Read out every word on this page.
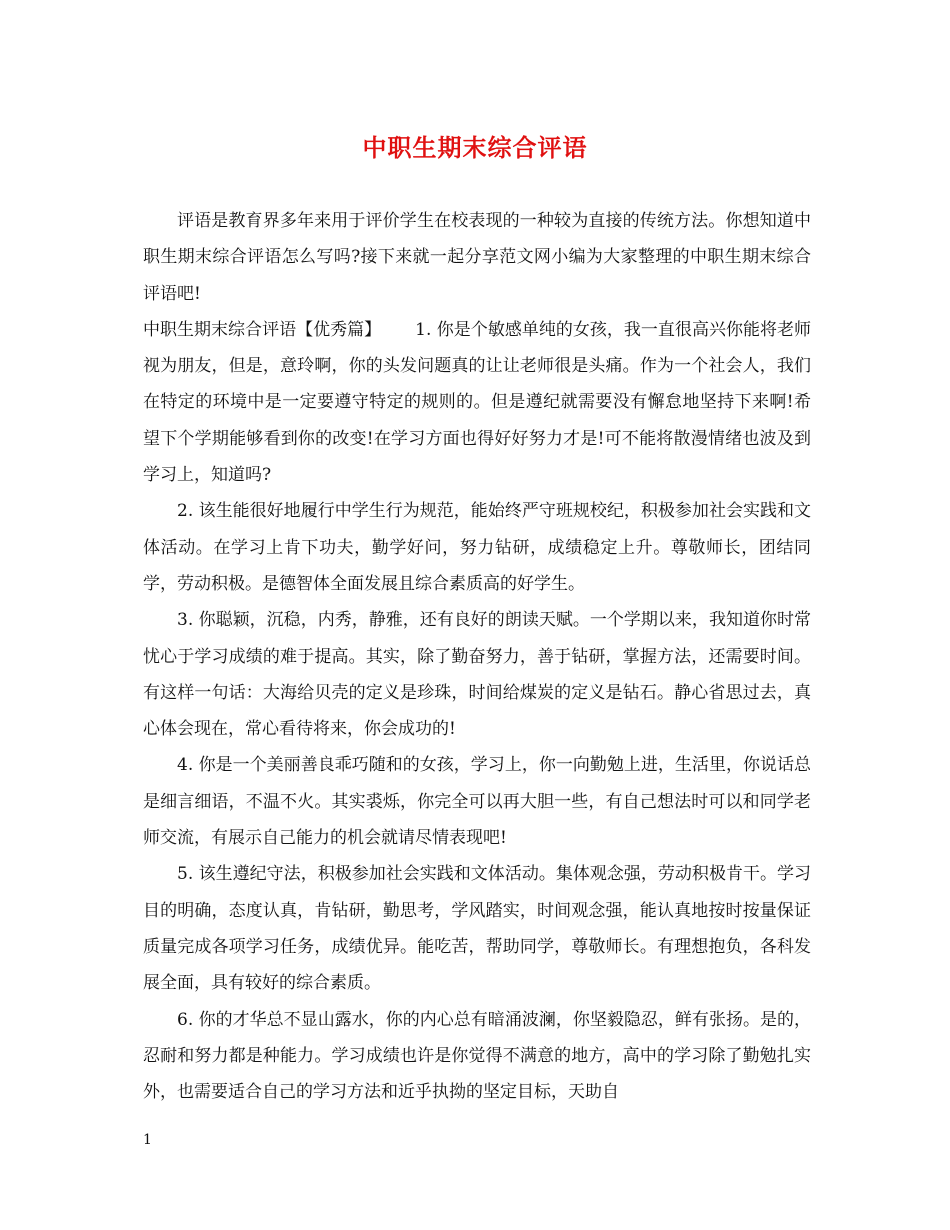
中职生期末综合评语

评语是教育界多年来用于评价学生在校表现的一种较为直接的传统方法。你想知道中职生期末综合评语怎么写吗?接下来就一起分享范文网小编为大家整理的中职生期末综合评语吧!

中职生期末综合评语【优秀篇】 1. 你是个敏感单纯的女孩，我一直很高兴你能将老师视为朋友，但是，意玲啊，你的头发问题真的让让老师很是头痛。作为一个社会人，我们在特定的环境中是一定要遵守特定的规则的。但是遵纪就需要没有懈怠地坚持下来啊!希望下个学期能够看到你的改变!在学习方面也得好好努力才是!可不能将散漫情绪也波及到学习上，知道吗?

2. 该生能很好地履行中学生行为规范，能始终严守班规校纪，积极参加社会实践和文体活动。在学习上肯下功夫，勤学好问，努力钻研，成绩稳定上升。尊敬师长，团结同学，劳动积极。是德智体全面发展且综合素质高的好学生。

3. 你聪颖，沉稳，内秀，静雅，还有良好的朗读天赋。一个学期以来，我知道你时常忧心于学习成绩的难于提高。其实，除了勤奋努力，善于钻研，掌握方法，还需要时间。有这样一句话：大海给贝壳的定义是珍珠，时间给煤炭的定义是钻石。静心省思过去，真心体会现在，常心看待将来，你会成功的!

4. 你是一个美丽善良乖巧随和的女孩，学习上，你一向勤勉上进，生活里，你说话总是细言细语，不温不火。其实裘烁，你完全可以再大胆一些，有自己想法时可以和同学老师交流，有展示自己能力的机会就请尽情表现吧!

5. 该生遵纪守法，积极参加社会实践和文体活动。集体观念强，劳动积极肯干。学习目的明确，态度认真，肯钻研，勤思考，学风踏实，时间观念强，能认真地按时按量保证质量完成各项学习任务，成绩优异。能吃苦，帮助同学，尊敬师长。有理想抱负，各科发展全面，具有较好的综合素质。

6. 你的才华总不显山露水，你的内心总有暗涌波澜，你坚毅隐忍，鲜有张扬。是的，忍耐和努力都是种能力。学习成绩也许是你觉得不满意的地方，高中的学习除了勤勉扎实外，也需要适合自己的学习方法和近乎执拗的坚定目标，天助自

1
